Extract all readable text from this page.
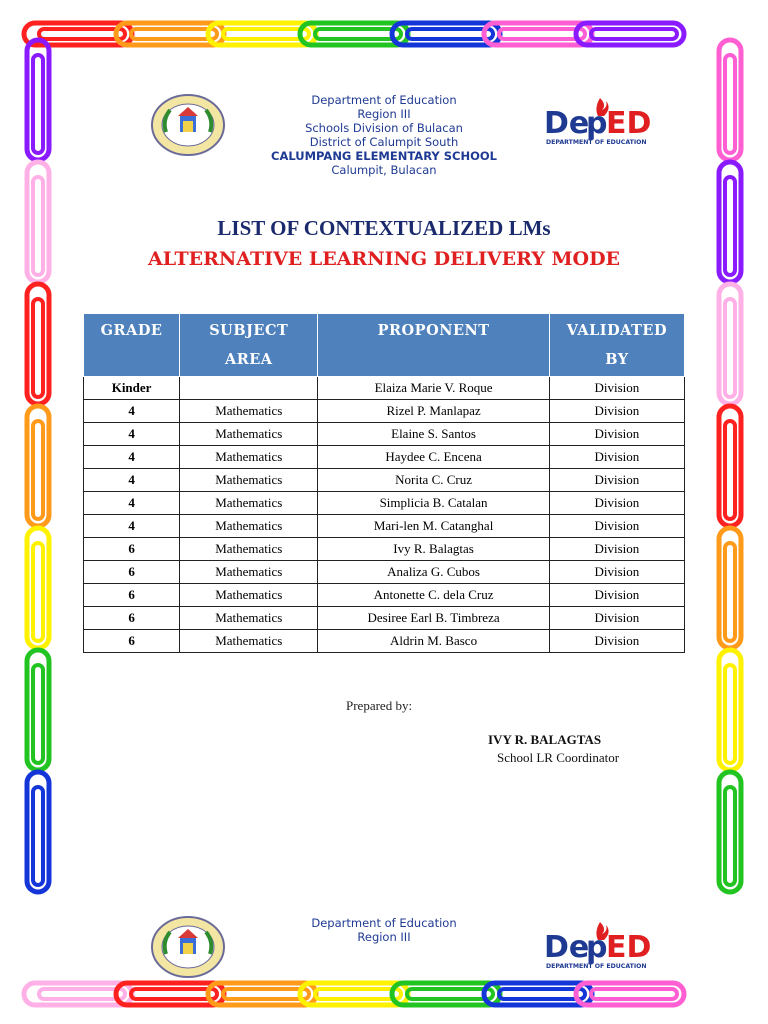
De
p
ED
DEPARTMENT OF EDUCATION
Department of Education
Region III
Schools Division of Bulacan
District of Calumpit South
CALUMPANG ELEMENTARY SCHOOL
Calumpit, Bulacan
LIST OF CONTEXTUALIZED LMs
ALTERNATIVE LEARNING DELIVERY MODE
GRADE	SUBJECT AREA	PROPONENT	VALIDATED BY
Kinder		Elaiza Marie V. Roque	Division
4	Mathematics	Rizel P. Manlapaz	Division
4	Mathematics	Elaine S. Santos	Division
4	Mathematics	Haydee C. Encena	Division
4	Mathematics	Norita C. Cruz	Division
4	Mathematics	Simplicia B. Catalan	Division
4	Mathematics	Mari-len M. Catanghal	Division
6	Mathematics	Ivy R. Balagtas	Division
6	Mathematics	Analiza G. Cubos	Division
6	Mathematics	Antonette C. dela Cruz	Division
6	Mathematics	Desiree Earl B. Timbreza	Division
6	Mathematics	Aldrin M. Basco	Division
Prepared by:
IVY R. BALAGTAS
School LR Coordinator
Department of Education
Region III	De
p
ED
DEPARTMENT OF EDUCATION
